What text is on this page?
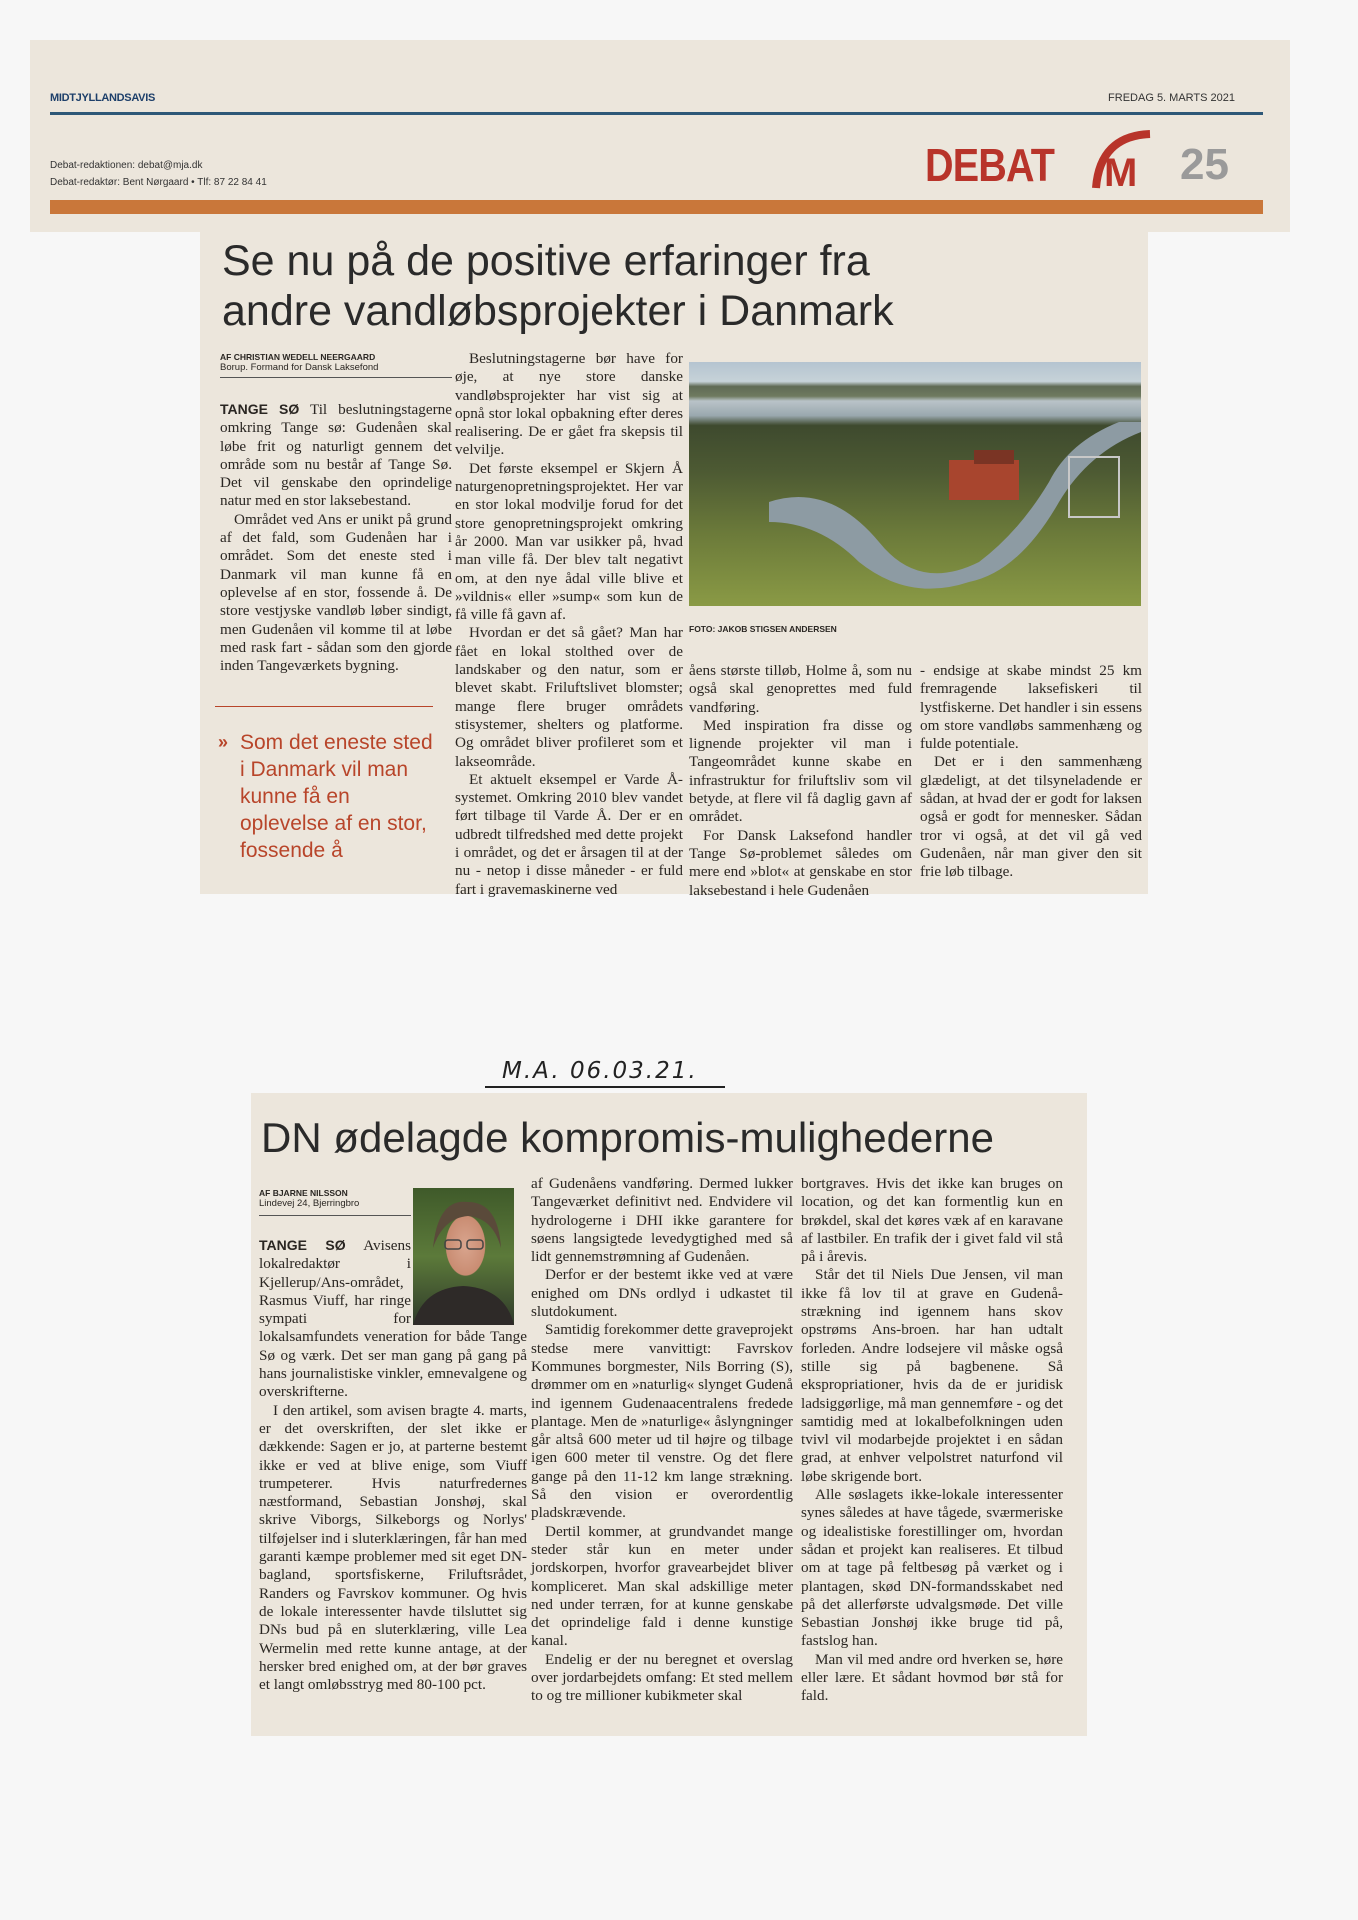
MIDTJYLLANDSAVIS	FREDAG 5. MARTS 2021
Debat-redaktionen: debat@mja.dk
Debat-redaktør: Bent Nørgaard • Tlf: 87 22 84 41	DEBAT M 25
Se nu på de positive erfaringer fra
andre vandløbsprojekter i Danmark
AF CHRISTIAN WEDELL NEERGAARD
Borup. Formand for Dansk Laksefond

TANGE SØ Til beslutningstagerne omkring Tange sø: Gudenåen skal løbe frit og naturligt gennem det område som nu består af Tange Sø. Det vil genskabe den oprindelige natur med en stor laksebestand.

Området ved Ans er unikt på grund af det fald, som Gudenåen har i området. Som det eneste sted i Danmark vil man kunne få en oplevelse af en stor, fossende å. De store vestjyske vandløb løber sindigt, men Gudenåen vil komme til at løbe med rask fart - sådan som den gjorde inden Tangeværkets bygning.

» Som det eneste sted i Danmark vil man kunne få en oplevelse af en stor, fossende å

Beslutningstagerne bør have for øje, at nye store danske vandløbsprojekter har vist sig at opnå stor lokal opbakning efter deres realisering. De er gået fra skepsis til velvilje.

Det første eksempel er Skjern Å naturgenopretningsprojektet. Her var en stor lokal modvilje forud for det store genopretningsprojekt omkring år 2000. Man var usikker på, hvad man ville få. Der blev talt negativt om, at den nye ådal ville blive et »vildnis« eller »sump« som kun de få ville få gavn af.

Hvordan er det så gået? Man har fået en lokal stolthed over de landskaber og den natur, som er blevet skabt. Friluftslivet blomster; mange flere bruger områdets stisystemer, shelters og platforme. Og området bliver profileret som et lakseområde.

Et aktuelt eksempel er Varde Å-systemet. Omkring 2010 blev vandet ført tilbage til Varde Å. Der er en udbredt tilfredshed med dette projekt i området, og det er årsagen til at der nu - netop i disse måneder - er fuld fart i gravemaskinerne ved

FOTO: JAKOB STIGSEN ANDERSEN

åens største tilløb, Holme å, som nu også skal genoprettes med fuld vandføring.

Med inspiration fra disse og lignende projekter vil man i Tangeområdet kunne skabe en infrastruktur for friluftsliv som vil betyde, at flere vil få daglig gavn af området.

For Dansk Laksefond handler Tange Sø-problemet således om mere end »blot« at genskabe en stor laksebestand i hele Gudenåen

- endsige at skabe mindst 25 km fremragende laksefiskeri til lystfiskerne. Det handler i sin essens om store vandløbs sammenhæng og fulde potentiale.

Det er i den sammenhæng glædeligt, at det tilsyneladende er sådan, at hvad der er godt for laksen også er godt for mennesker. Sådan tror vi også, at det vil gå ved Gudenåen, når man giver den sit frie løb tilbage.

M.A. 06.03.21.
DN ødelagde kompromis-mulighederne
AF BJARNE NILSSON
Lindevej 24, Bjerringbro

TANGE SØ Avisens lokalredaktør i Kjellerup/Ans-området, Rasmus Viuff, har ringe sympati for lokalsamfundets veneration for både Tange Sø og værk. Det ser man gang på gang på hans journalistiske vinkler, emnevalgene og overskrifterne.

I den artikel, som avisen bragte 4. marts, er det overskriften, der slet ikke er dækkende: Sagen er jo, at parterne bestemt ikke er ved at blive enige, som Viuff trumpeterer. Hvis naturfredernes næstformand, Sebastian Jonshøj, skal skrive Viborgs, Silkeborgs og Norlys' tilføjelser ind i sluterklæringen, får han med garanti kæmpe problemer med sit eget DN-bagland, sportsfiskerne, Friluftsrådet, Randers og Favrskov kommuner. Og hvis de lokale interessenter havde tilsluttet sig DNs bud på en sluterklæring, ville Lea Wermelin med rette kunne antage, at der hersker bred enighed om, at der bør graves et langt omløbsstryg med 80-100 pct.

af Gudenåens vandføring. Dermed lukker Tangeværket definitivt ned. Endvidere vil hydrologerne i DHI ikke garantere for søens langsigtede levedygtighed med så lidt gennemstrømning af Gudenåen.

Derfor er der bestemt ikke ved at være enighed om DNs ordlyd i udkastet til slutdokument.

Samtidig forekommer dette graveprojekt stedse mere vanvittigt: Favrskov Kommunes borgmester, Nils Borring (S), drømmer om en »naturlig« slynget Gudenå ind igennem Gudenaacentralens fredede plantage. Men de »naturlige« åslyngninger går altså 600 meter ud til højre og tilbage igen 600 meter til venstre. Og det flere gange på den 11-12 km lange strækning. Så den vision er overordentlig pladskrævende.

Dertil kommer, at grundvandet mange steder står kun en meter under jordskorpen, hvorfor gravearbejdet bliver kompliceret. Man skal adskillige meter ned under terræn, for at kunne genskabe det oprindelige fald i denne kunstige kanal.

Endelig er der nu beregnet et overslag over jordarbejdets omfang: Et sted mellem to og tre millioner kubikmeter skal

bortgraves. Hvis det ikke kan bruges on location, og det kan formentlig kun en brøkdel, skal det køres væk af en karavane af lastbiler. En trafik der i givet fald vil stå på i årevis.

Står det til Niels Due Jensen, vil man ikke få lov til at grave en Gudenå-strækning ind igennem hans skov opstrøms Ans-broen. har han udtalt forleden. Andre lodsejere vil måske også stille sig på bagbenene. Så ekspropriationer, hvis da de er juridisk ladsiggørlige, må man gennemføre - og det samtidig med at lokalbefolkningen uden tvivl vil modarbejde projektet i en sådan grad, at enhver velpolstret naturfond vil løbe skrigende bort.

Alle søslagets ikke-lokale interessenter synes således at have tågede, sværmeriske og idealistiske forestillinger om, hvordan sådan et projekt kan realiseres. Et tilbud om at tage på feltbesøg på værket og i plantagen, skød DN-formandsskabet ned på det allerførste udvalgsmøde. Det ville Sebastian Jonshøj ikke bruge tid på, fastslog han.

Man vil med andre ord hverken se, høre eller lære. Et sådant hovmod bør stå for fald.
